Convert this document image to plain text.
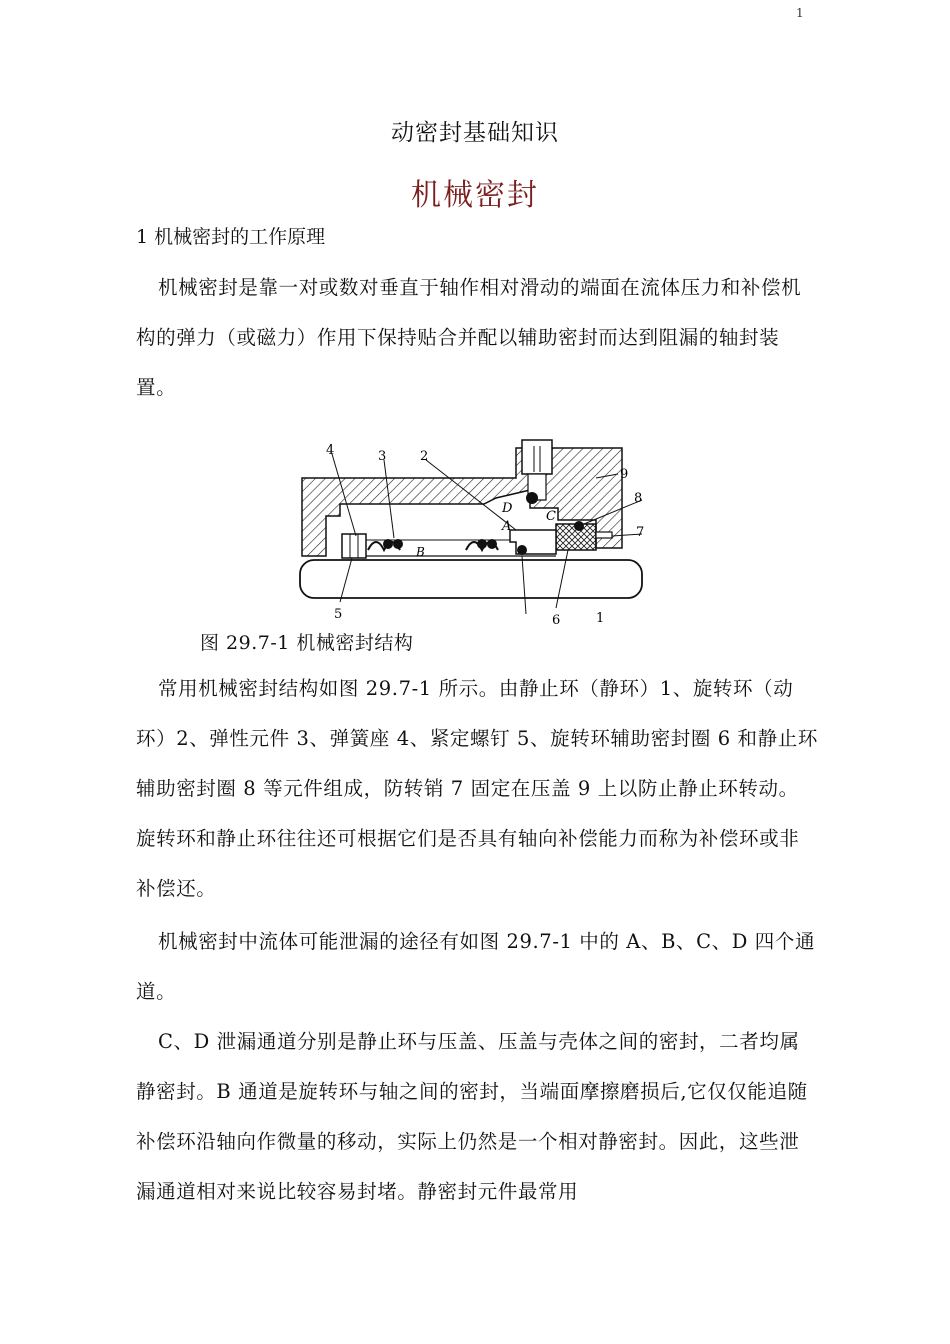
1
动密封基础知识
机械密封
1 机械密封的工作原理

机械密封是靠一对或数对垂直于轴作相对滑动的端面在流体压力和补偿机构的弹力（或磁力）作用下保持贴合并配以辅助密封而达到阻漏的轴封装置。

4	3	2
9
8
7
5	6	1
A
B
C
D
图 29.7-1 机械密封结构

常用机械密封结构如图 29.7-1 所示。由静止环（静环）1、旋转环（动环）2、弹性元件 3、弹簧座 4、紧定螺钉 5、旋转环辅助密封圈 6 和静止环辅助密封圈 8 等元件组成，防转销 7 固定在压盖 9 上以防止静止环转动。旋转环和静止环往往还可根据它们是否具有轴向补偿能力而称为补偿环或非补偿还。

机械密封中流体可能泄漏的途径有如图 29.7-1 中的 A、B、C、D 四个通道。

C、D 泄漏通道分别是静止环与压盖、压盖与壳体之间的密封，二者均属静密封。B 通道是旋转环与轴之间的密封，当端面摩擦磨损后,它仅仅能追随补偿环沿轴向作微量的移动，实际上仍然是一个相对静密封。因此，这些泄漏通道相对来说比较容易封堵。静密封元件最常用
